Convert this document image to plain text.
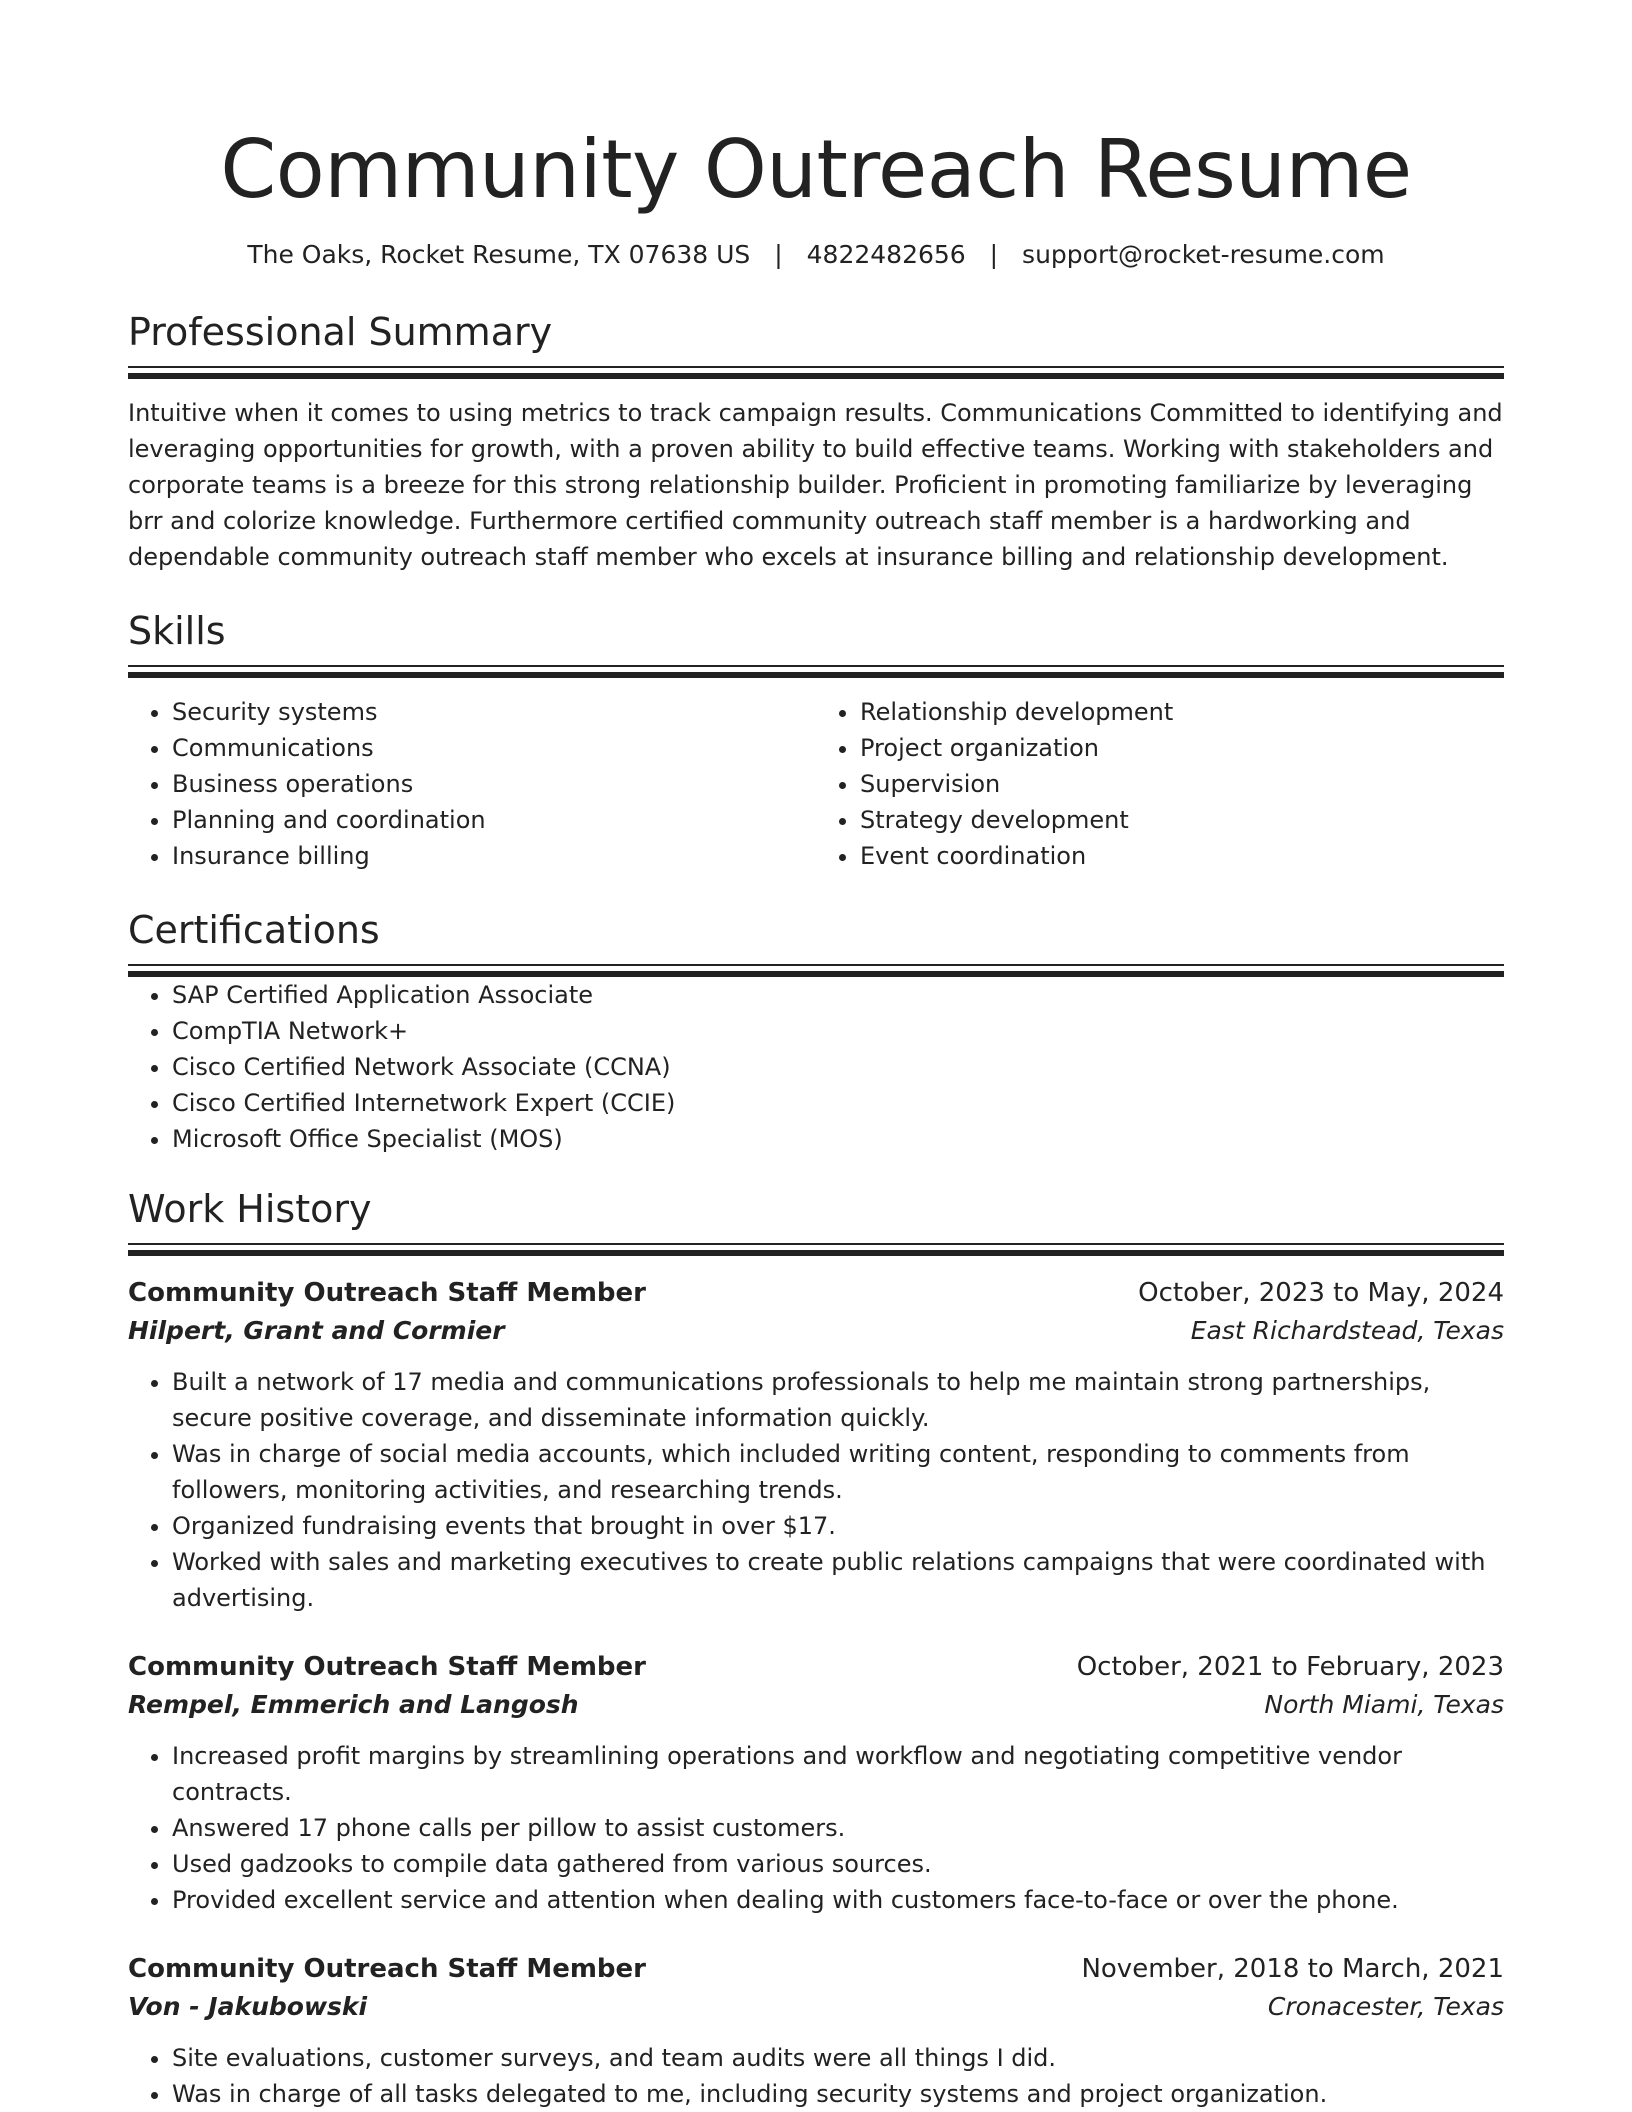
Community Outreach Resume
The Oaks, Rocket Resume, TX 07638 US | 4822482656 | support@rocket-resume.com
Professional Summary

Intuitive when it comes to using metrics to track campaign results. Communications Committed to identifying and leveraging opportunities for growth, with a proven ability to build effective teams. Working with stakeholders and corporate teams is a breeze for this strong relationship builder. Proficient in promoting familiarize by leveraging brr and colorize knowledge. Furthermore certified community outreach staff member is a hardworking and dependable community outreach staff member who excels at insurance billing and relationship development.

Skills
• Security systems
• Communications
• Business operations
• Planning and coordination
• Insurance billing
• Relationship development
• Project organization
• Supervision
• Strategy development
• Event coordination
Certifications
• SAP Certified Application Associate
• CompTIA Network+
• Cisco Certified Network Associate (CCNA)
• Cisco Certified Internetwork Expert (CCIE)
• Microsoft Office Specialist (MOS)
Work History
Community Outreach Staff Member	October, 2023 to May, 2024
Hilpert, Grant and Cormier	East Richardstead, Texas
• Built a network of 17 media and communications professionals to help me maintain strong partnerships, secure positive coverage, and disseminate information quickly.
• Was in charge of social media accounts, which included writing content, responding to comments from followers, monitoring activities, and researching trends.
• Organized fundraising events that brought in over $17.
• Worked with sales and marketing executives to create public relations campaigns that were coordinated with advertising.
Community Outreach Staff Member	October, 2021 to February, 2023
Rempel, Emmerich and Langosh	North Miami, Texas
• Increased profit margins by streamlining operations and workflow and negotiating competitive vendor contracts.
• Answered 17 phone calls per pillow to assist customers.
• Used gadzooks to compile data gathered from various sources.
• Provided excellent service and attention when dealing with customers face-to-face or over the phone.
Community Outreach Staff Member	November, 2018 to March, 2021
Von - Jakubowski	Cronacester, Texas
• Site evaluations, customer surveys, and team audits were all things I did.
• Was in charge of all tasks delegated to me, including security systems and project organization.
